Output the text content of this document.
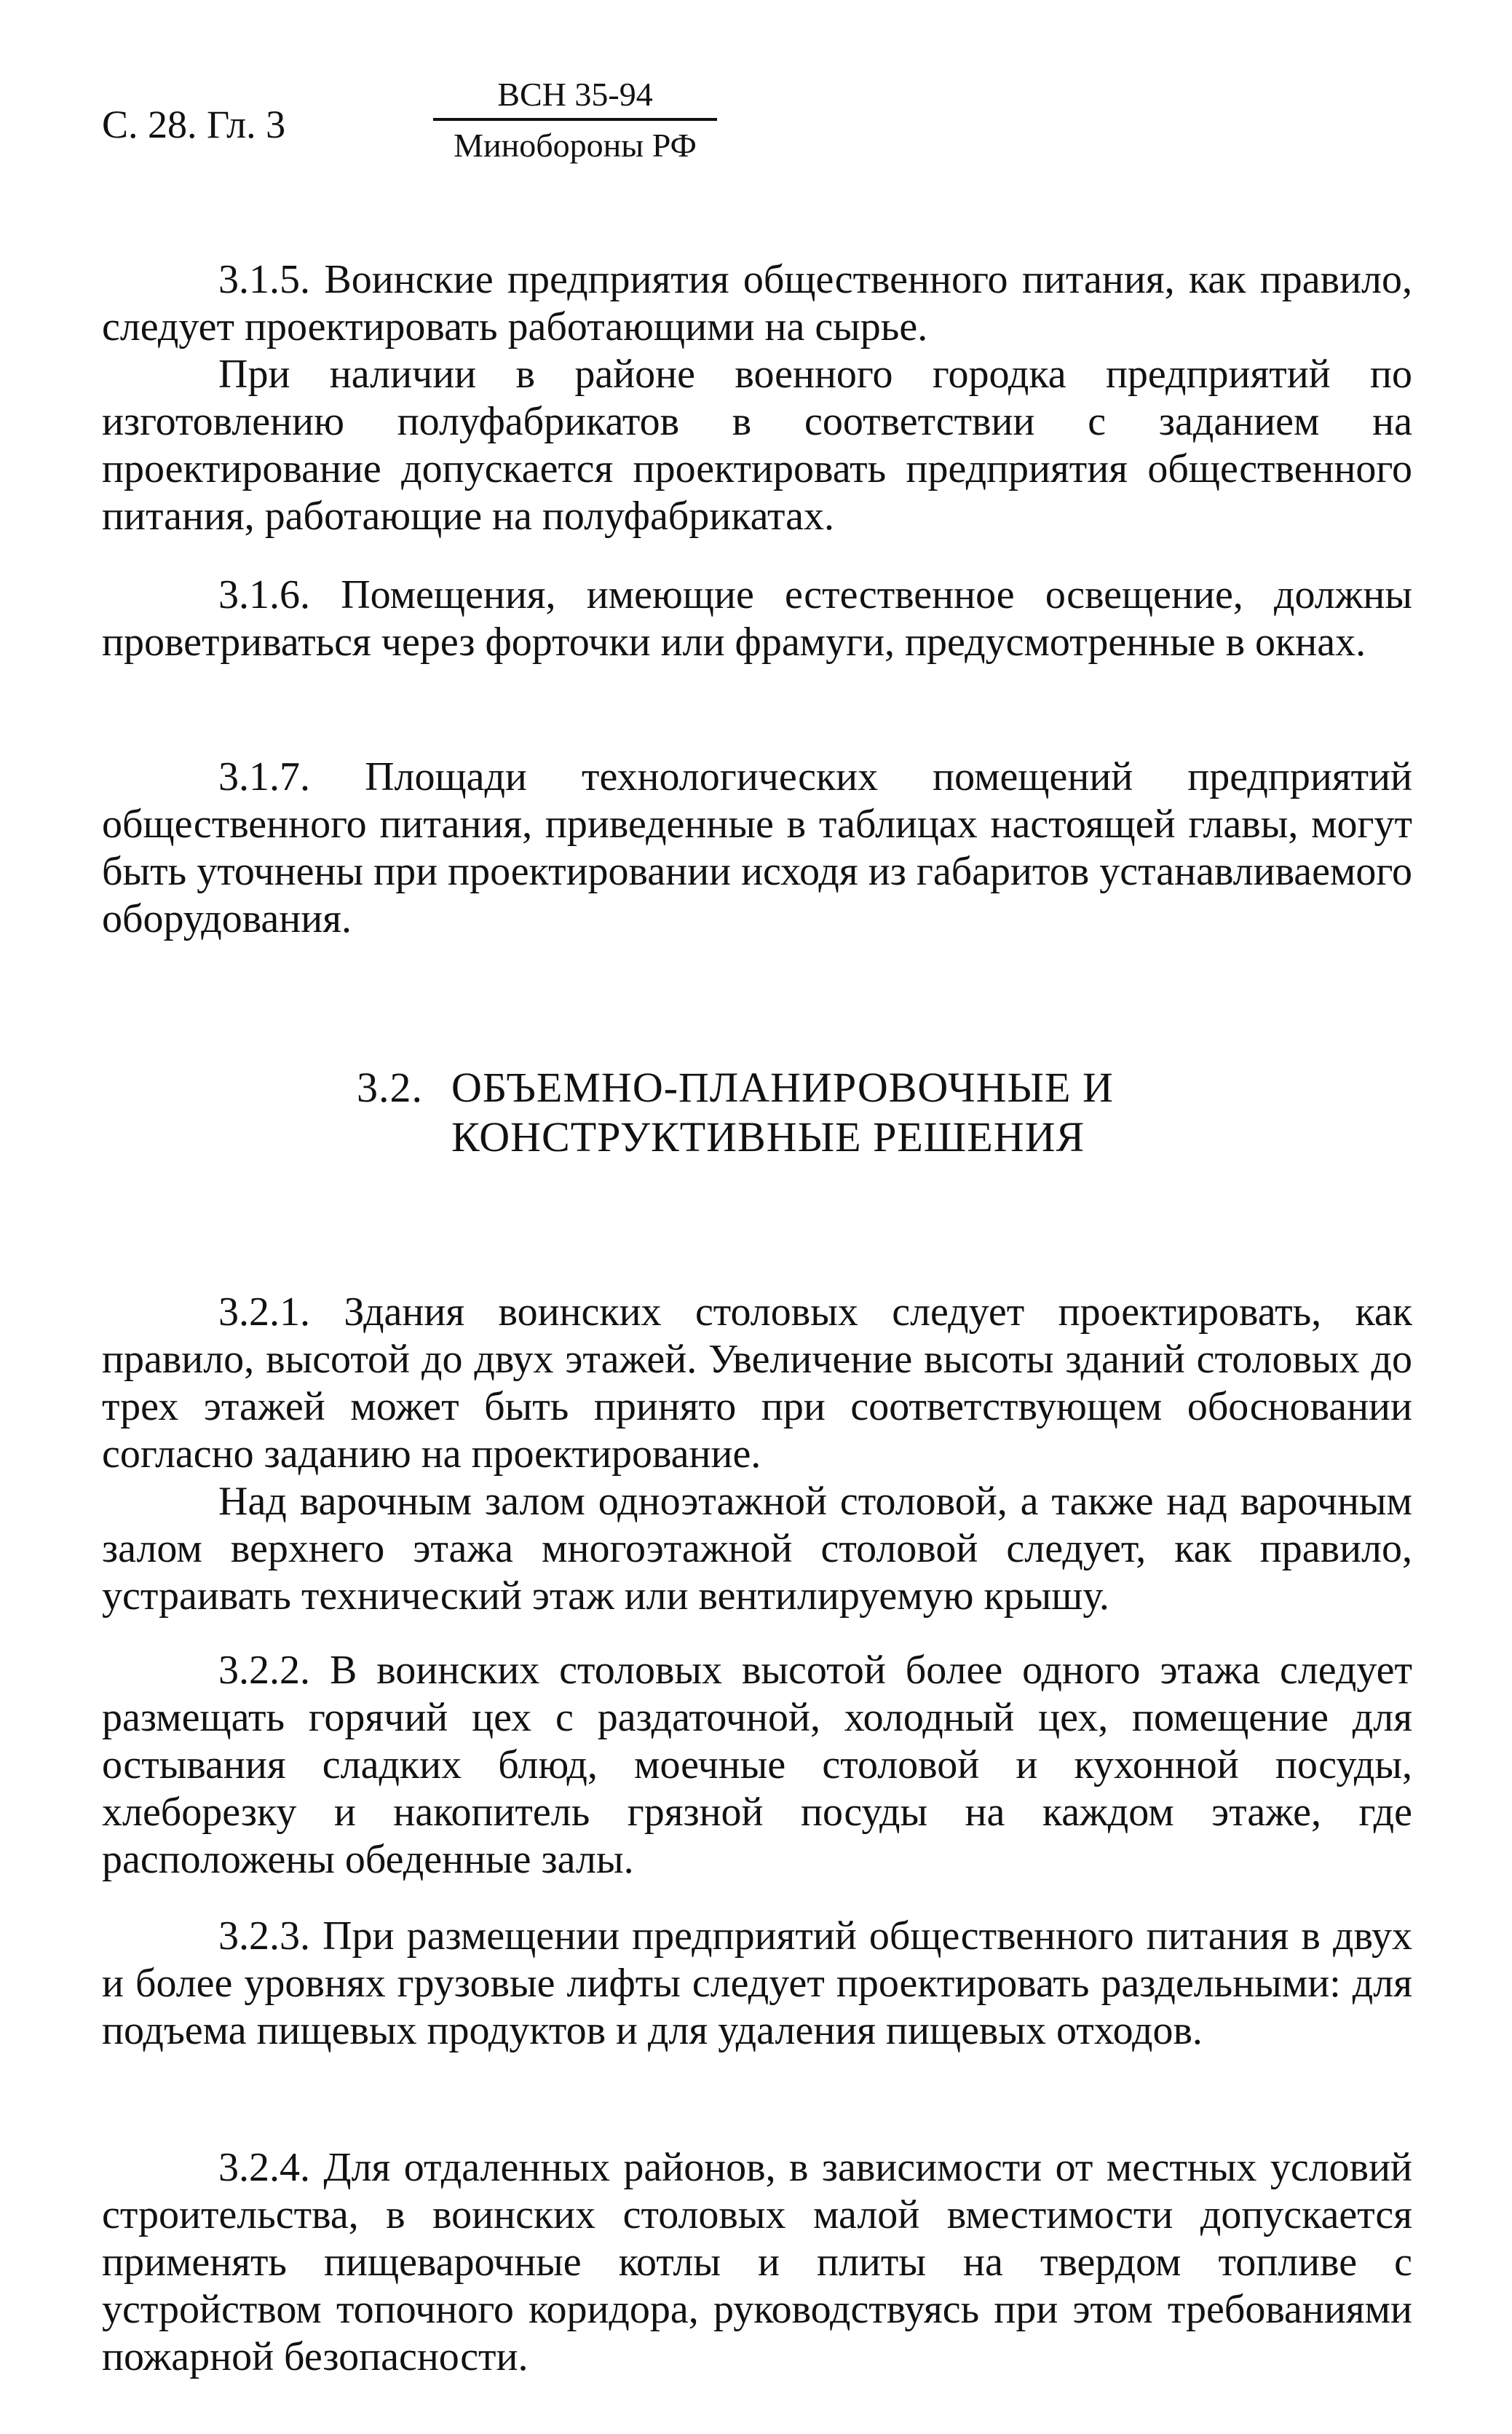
С. 28. Гл. 3
ВСН 35-94
Минобороны РФ

3.1.5. Воинские предприятия общественного питания, как правило, следует проектировать работающими на сырье.

При наличии в районе военного городка предприятий по изготовлению полуфабрикатов в соответствии с заданием на проектирование допускается проектировать предприятия общественного питания, работающие на полуфабрикатах.

3.1.6. Помещения, имеющие естественное освещение, должны проветриваться через форточки или фрамуги, предусмотренные в окнах.

3.1.7. Площади технологических помещений предприятий общественного питания, приведенные в таблицах настоящей главы, могут быть уточнены при проектировании исходя из габаритов устанавливаемого оборудования.

3.2. ОБЪЕМНО-ПЛАНИРОВОЧНЫЕ И
КОНСТРУКТИВНЫЕ РЕШЕНИЯ

3.2.1. Здания воинских столовых следует проектировать, как правило, высотой до двух этажей. Увеличение высоты зданий столовых до трех этажей может быть принято при соответствующем обосновании согласно заданию на проектирование.

Над варочным залом одноэтажной столовой, а также над варочным залом верхнего этажа многоэтажной столовой следует, как правило, устраивать технический этаж или вентилируемую крышу.

3.2.2. В воинских столовых высотой более одного этажа следует размещать горячий цех с раздаточной, холодный цех, помещение для остывания сладких блюд, моечные столовой и кухонной посуды, хлеборезку и накопитель грязной посуды на каждом этаже, где расположены обеденные залы.

3.2.3. При размещении предприятий общественного питания в двух и более уровнях грузовые лифты следует проектировать раздельными: для подъема пищевых продуктов и для удаления пищевых отходов.

3.2.4. Для отдаленных районов, в зависимости от местных условий строительства, в воинских столовых малой вместимости допускается применять пищеварочные котлы и плиты на твердом топливе с устройством топочного коридора, руководствуясь при этом требованиями пожарной безопасности.
